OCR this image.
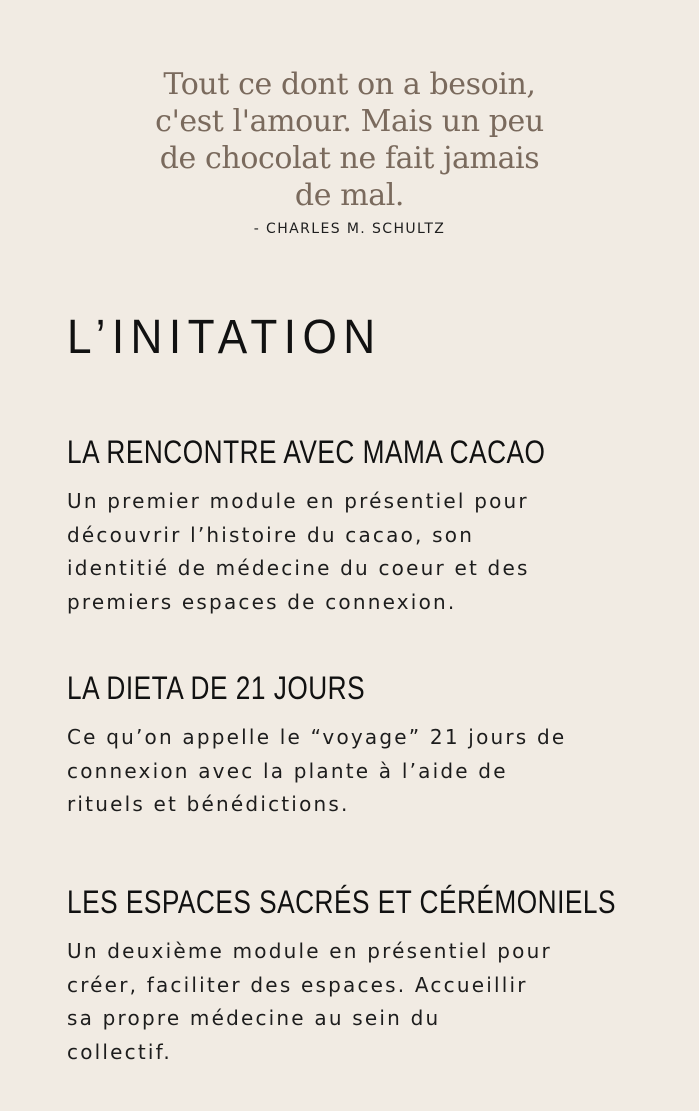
Tout ce dont on a besoin,
c'est l'amour. Mais un peu
de chocolat ne fait jamais
de mal.

- CHARLES M. SCHULTZ
L’INITATION
LA RENCONTRE AVEC MAMA CACAO

Un premier module en présentiel pour
découvrir l’histoire du cacao, son
identitié de médecine du coeur et des
premiers espaces de connexion.

LA DIETA DE 21 JOURS

Ce qu’on appelle le “voyage” 21 jours de
connexion avec la plante à l’aide de
rituels et bénédictions.

LES ESPACES SACRÉS ET CÉRÉMONIELS

Un deuxième module en présentiel pour
créer, faciliter des espaces. Accueillir
sa propre médecine au sein du
collectif.
